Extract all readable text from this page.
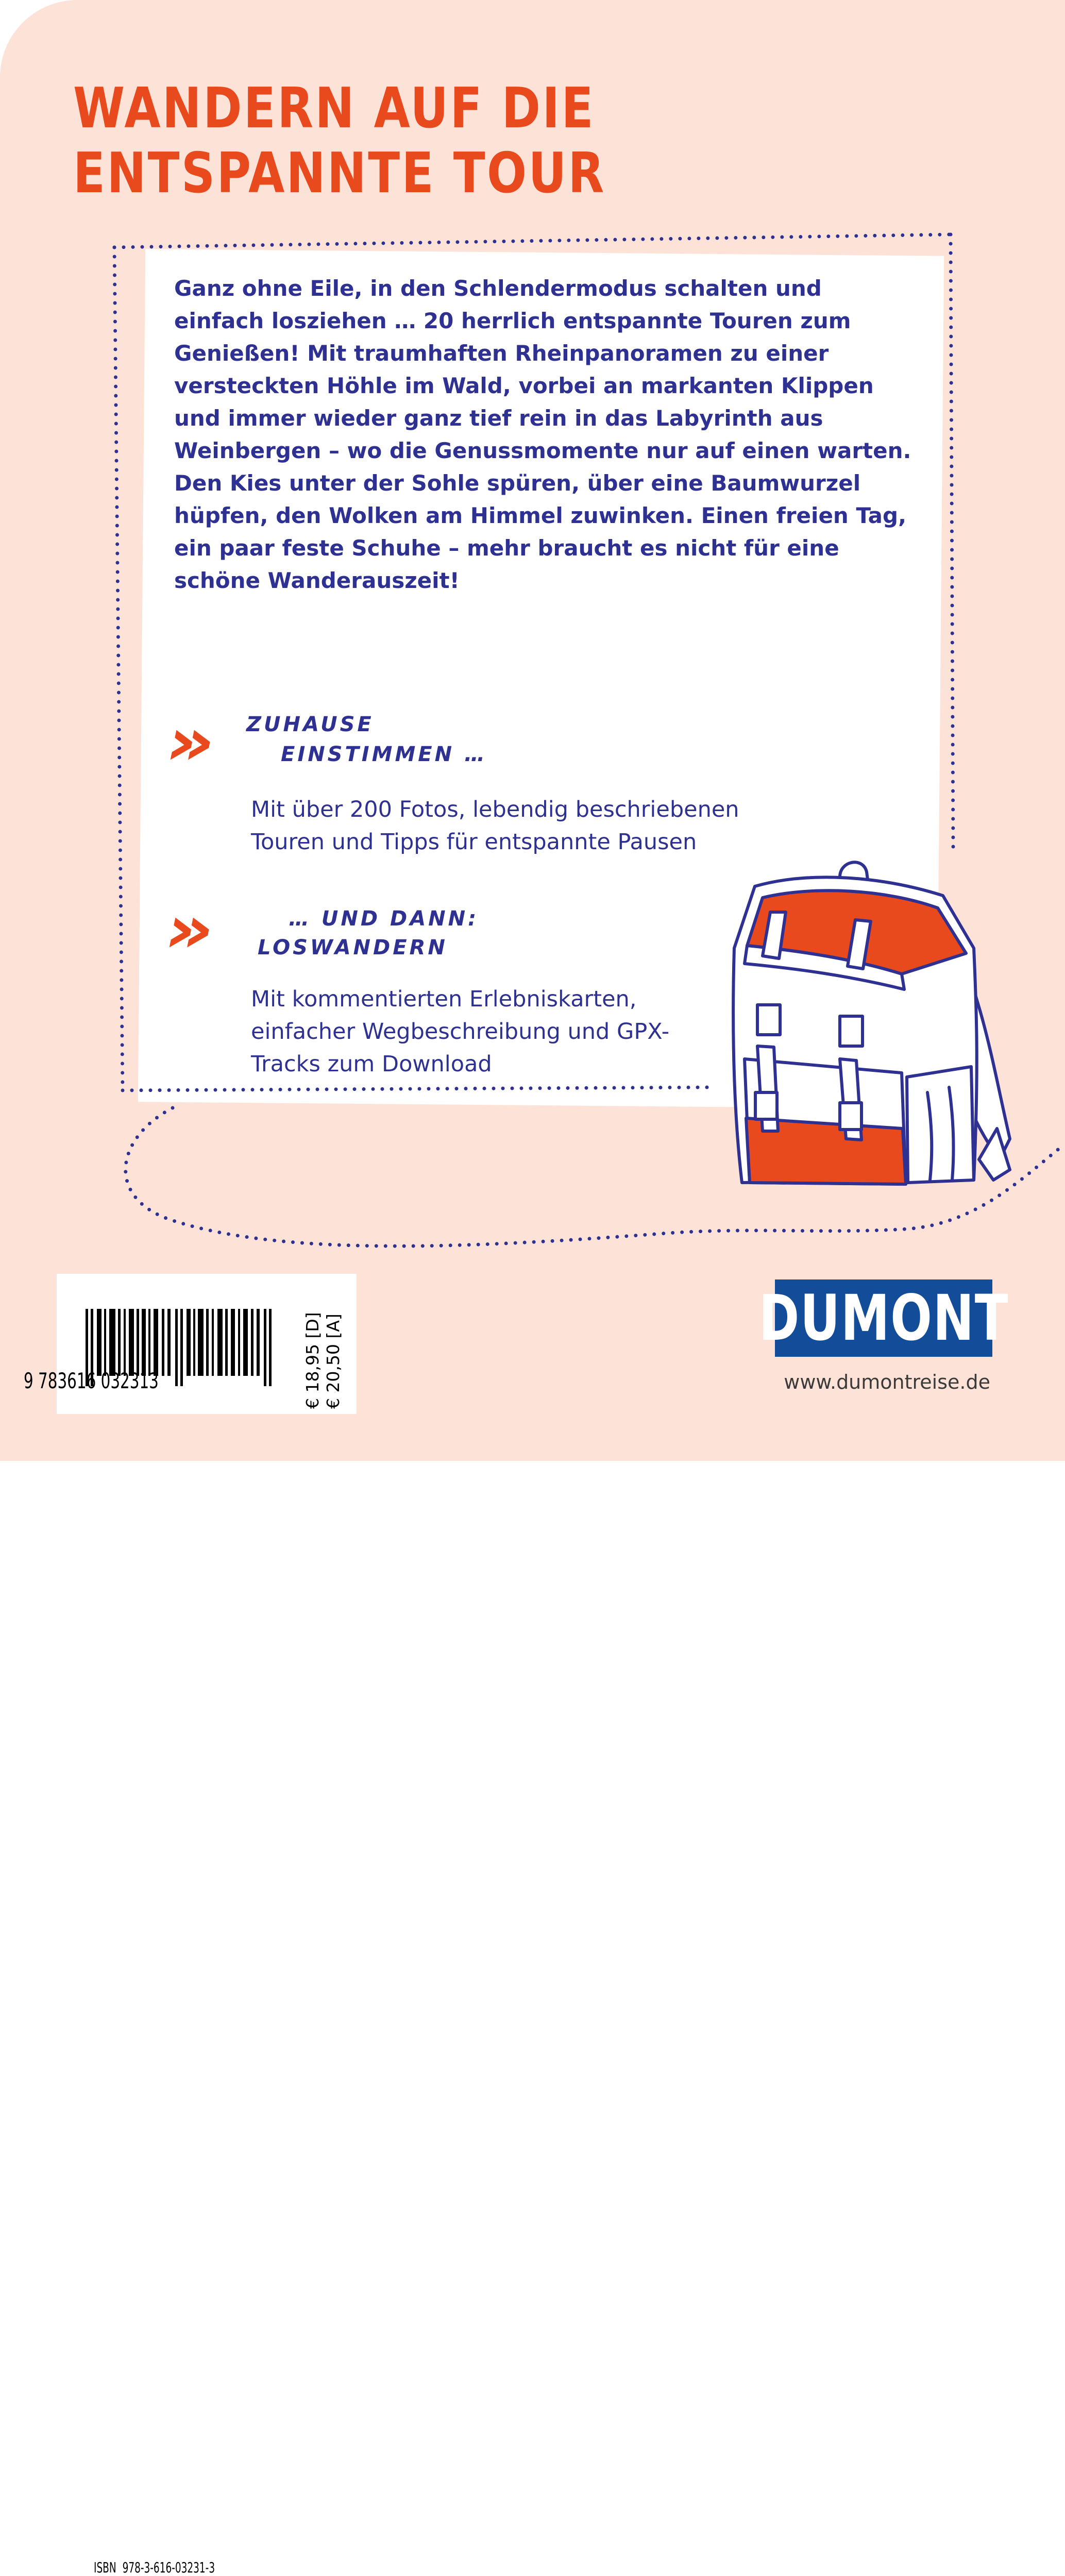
WANDERN AUF DIE
ENTSPANNTE TOUR

Ganz ohne Eile, in den Schlendermodus schalten und einfach losziehen … 20 herrlich entspannte Touren zum Genießen! Mit traumhaften Rheinpanoramen zu einer versteckten Höhle im Wald, vorbei an markanten Klippen und immer wieder ganz tief rein in das Labyrinth aus Weinbergen – wo die Genussmomente nur auf einen warten. Den Kies unter der Sohle spüren, über eine Baumwurzel hüpfen, den Wolken am Himmel zuwinken. Einen freien Tag, ein paar feste Schuhe – mehr braucht es nicht für eine schöne Wanderauszeit!

» ZUHAUSE
EINSTIMMEN …

Mit über 200 Fotos, lebendig beschriebenen Touren und Tipps für entspannte Pausen

»	… UND DANN:
LOSWANDERN

Mit kommentierten Erlebniskarten, einfacher Wegbeschreibung und GPX-Tracks zum Download

ISBN 978-3-616-03231-3
€ 18,95 [D] € 20,50 [A]
9 783616 032313
DUMONT
www.dumontreise.de
